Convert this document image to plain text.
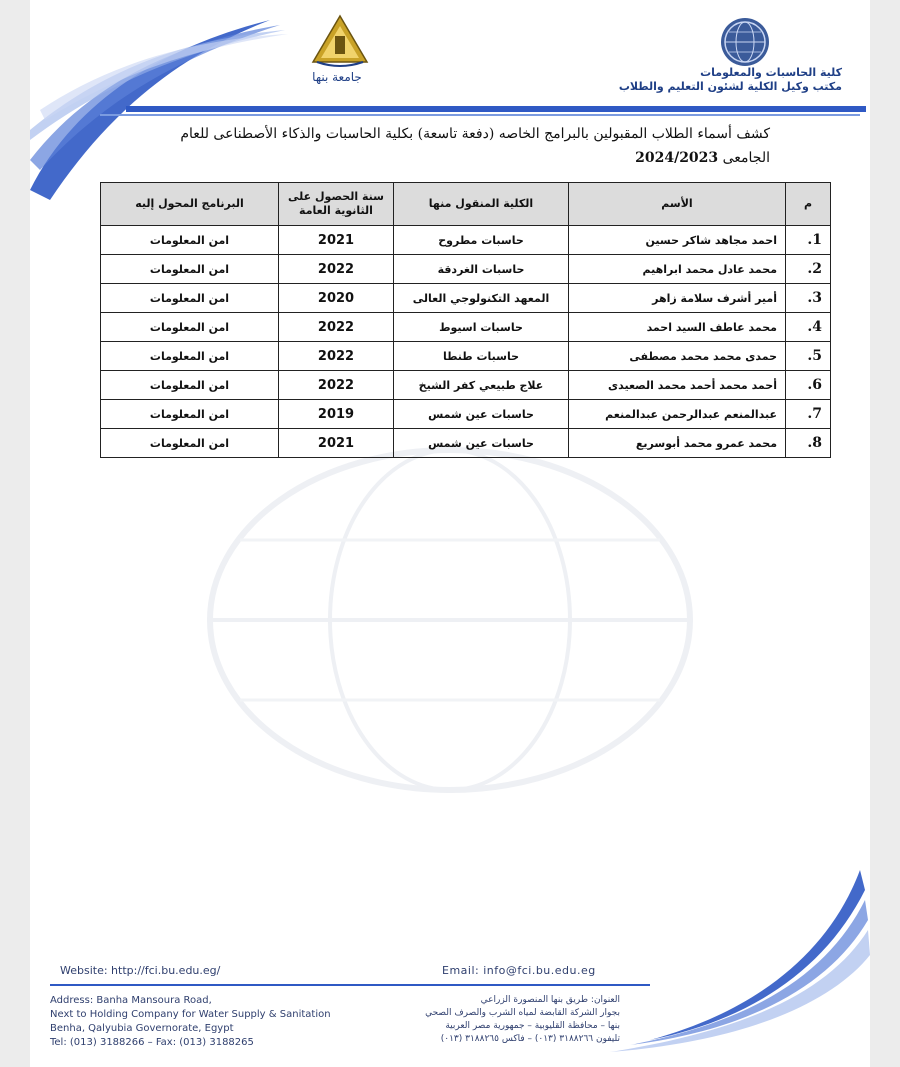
كلية الحاسبات والمعلومات
مكتب وكيل الكلية لشئون التعليم والطلاب
جامعة بنها
كشف أسماء الطلاب المقبولين بالبرامج الخاصه (دفعة تاسعة) بكلية الحاسبات والذكاء الأصطناعى للعام
الجامعى 2024/2023
م	الأسم	الكلية المنقول منها	سنة الحصول على الثانوية العامة	البرنامج المحول إليه
1.	احمد مجاهد شاكر حسين	حاسبات مطروح	2021	امن المعلومات
2.	محمد عادل محمد ابراهيم	حاسبات الغردقة	2022	امن المعلومات
3.	أمير أشرف سلامة زاهر	المعهد التكنولوجي العالى	2020	امن المعلومات
4.	محمد عاطف السيد احمد	حاسبات اسيوط	2022	امن المعلومات
5.	حمدى محمد محمد مصطفى	حاسبات طنطا	2022	امن المعلومات
6.	أحمد محمد أحمد محمد الصعيدى	علاج طبيعي كفر الشيخ	2022	امن المعلومات
7.	عبدالمنعم عبدالرحمن عبدالمنعم	حاسبات عين شمس	2019	امن المعلومات
8.	محمد عمرو محمد أبوسريع	حاسبات عين شمس	2021	امن المعلومات
Website: http://fci.bu.edu.eg/	Email: info@fci.bu.edu.eg
Address: Banha Mansoura Road,
Next to Holding Company for Water Supply & Sanitation
Benha, Qalyubia Governorate, Egypt
Tel: (013) 3188266 – Fax: (013) 3188265
العنوان: طريق بنها المنصورة الزراعي
بجوار الشركة القابضة لمياه الشرب والصرف الصحي
بنها – محافظة القليوبية – جمهورية مصر العربية
تليفون ٣١٨٨٢٦٦ (٠١٣) – فاكس ٣١٨٨٢٦٥ (٠١٣)
